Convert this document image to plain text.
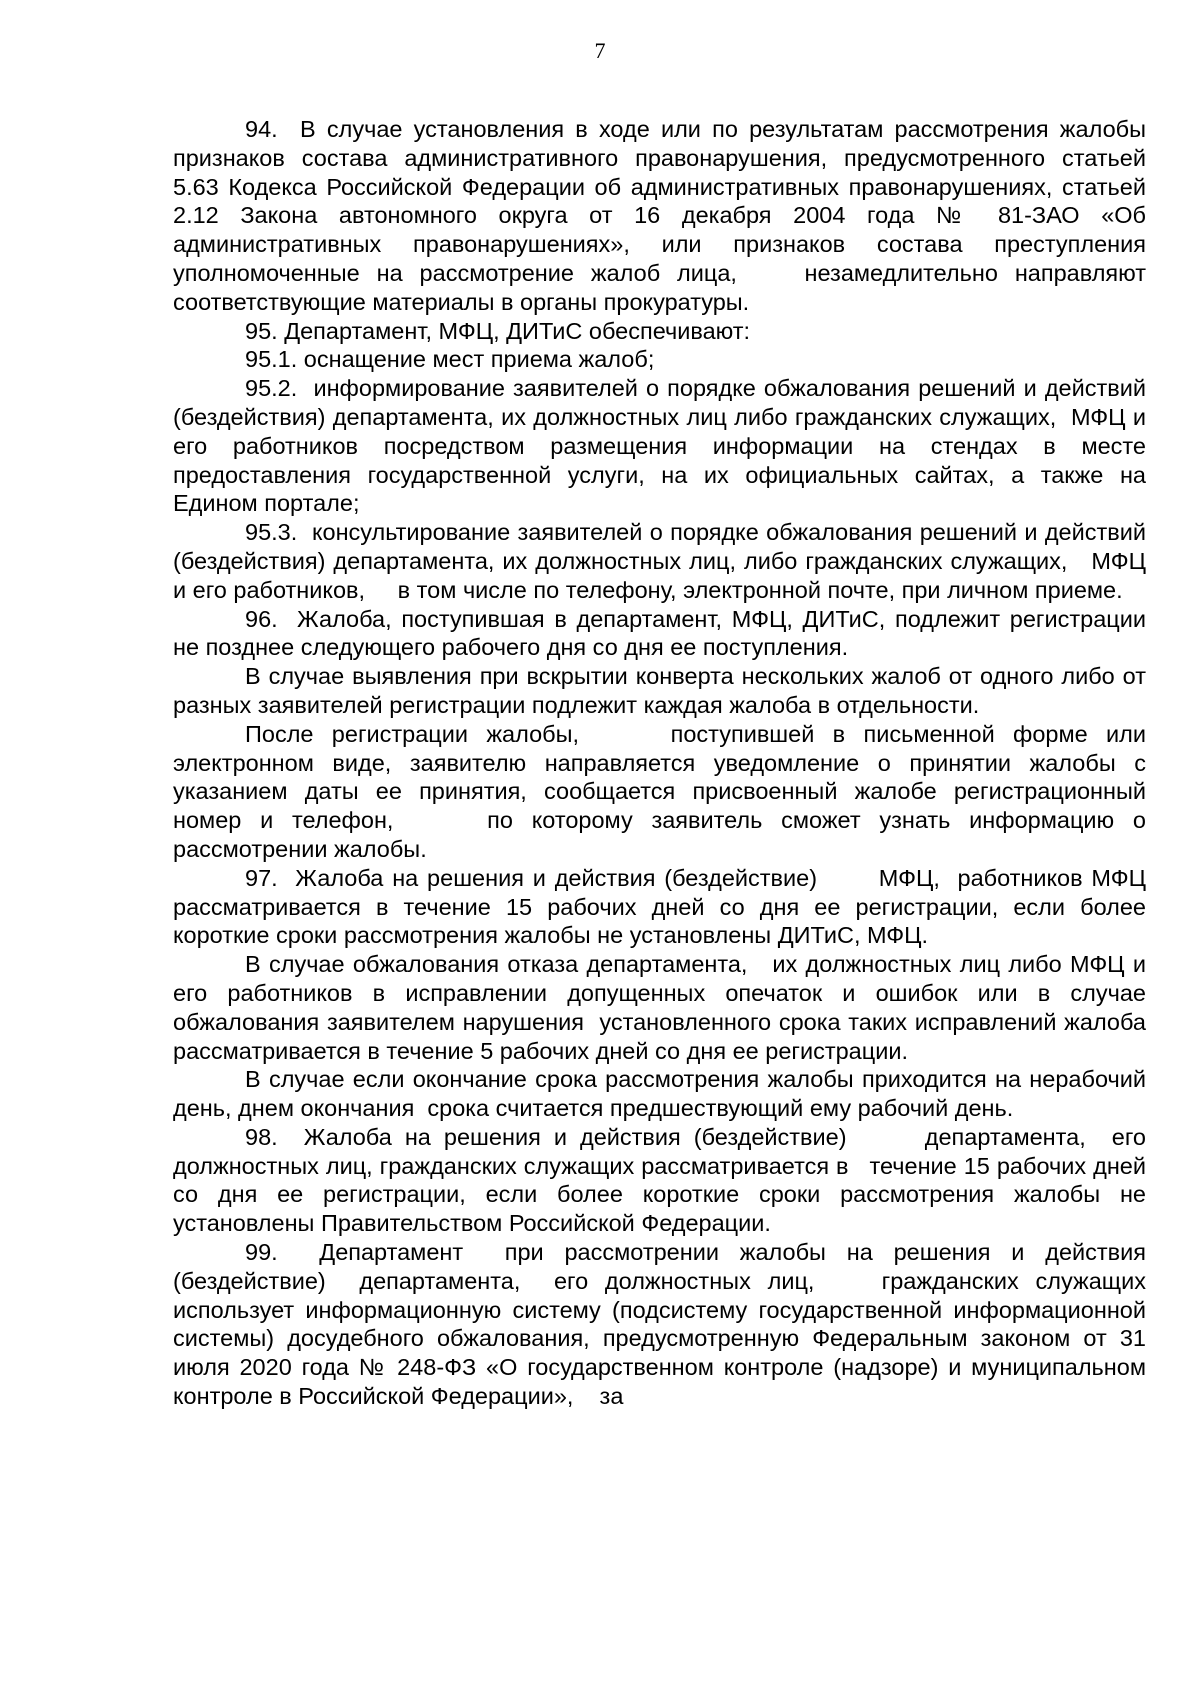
7

94.  В случае установления в ходе или по результатам рассмотрения жалобы признаков состава административного правонарушения, предусмотренного статьей 5.63 Кодекса Российской Федерации об административных правонарушениях, статьей 2.12 Закона автономного округа от 16 декабря 2004 года № 81-ЗАО «Об административных правонарушениях», или признаков состава преступления уполномоченные на рассмотрение жалоб лица,    незамедлительно направляют соответствующие материалы в органы прокуратуры.

95. Департамент, МФЦ, ДИТиС обеспечивают:

95.1. оснащение мест приема жалоб;

95.2.  информирование заявителей о порядке обжалования решений и действий (бездействия) департамента, их должностных лиц либо гражданских служащих,  МФЦ и его работников посредством размещения информации на стендах в месте предоставления государственной услуги, на их официальных сайтах, а также на Едином портале;

95.3.  консультирование заявителей о порядке обжалования решений и действий (бездействия) департамента, их должностных лиц, либо гражданских служащих,   МФЦ и его работников,     в том числе по телефону, электронной почте, при личном приеме.

96.  Жалоба, поступившая в департамент, МФЦ, ДИТиС, подлежит регистрации не позднее следующего рабочего дня со дня ее поступления.

В случае выявления при вскрытии конверта нескольких жалоб от одного либо от разных заявителей регистрации подлежит каждая жалоба в отдельности.

После регистрации жалобы,     поступившей в письменной форме или электронном виде, заявителю направляется уведомление о принятии жалобы с указанием даты ее принятия, сообщается присвоенный жалобе регистрационный номер и телефон,     по которому заявитель сможет узнать информацию о рассмотрении жалобы.

97.  Жалоба на решения и действия (бездействие)       МФЦ,  работников МФЦ рассматривается в течение 15 рабочих дней со дня ее регистрации, если более короткие сроки рассмотрения жалобы не установлены ДИТиС, МФЦ.

В случае обжалования отказа департамента,   их должностных лиц либо МФЦ и его работников в исправлении допущенных опечаток и ошибок или в случае обжалования заявителем нарушения  установленного срока таких исправлений жалоба рассматривается в течение 5 рабочих дней со дня ее регистрации.

В случае если окончание срока рассмотрения жалобы приходится на нерабочий день, днем окончания  срока считается предшествующий ему рабочий день.

98.  Жалоба на решения и действия (бездействие)      департамента,  его должностных лиц, гражданских служащих рассматривается в   течение 15 рабочих дней со дня ее регистрации, если более короткие сроки рассмотрения жалобы не установлены Правительством Российской Федерации.

99.  Департамент  при рассмотрении жалобы на решения и действия (бездействие)  департамента,  его должностных лиц,    гражданских служащих использует информационную систему (подсистему государственной информационной системы) досудебного обжалования, предусмотренную Федеральным законом от 31 июля 2020 года № 248-ФЗ «О государственном контроле (надзоре) и муниципальном контроле в Российской Федерации»,    за
